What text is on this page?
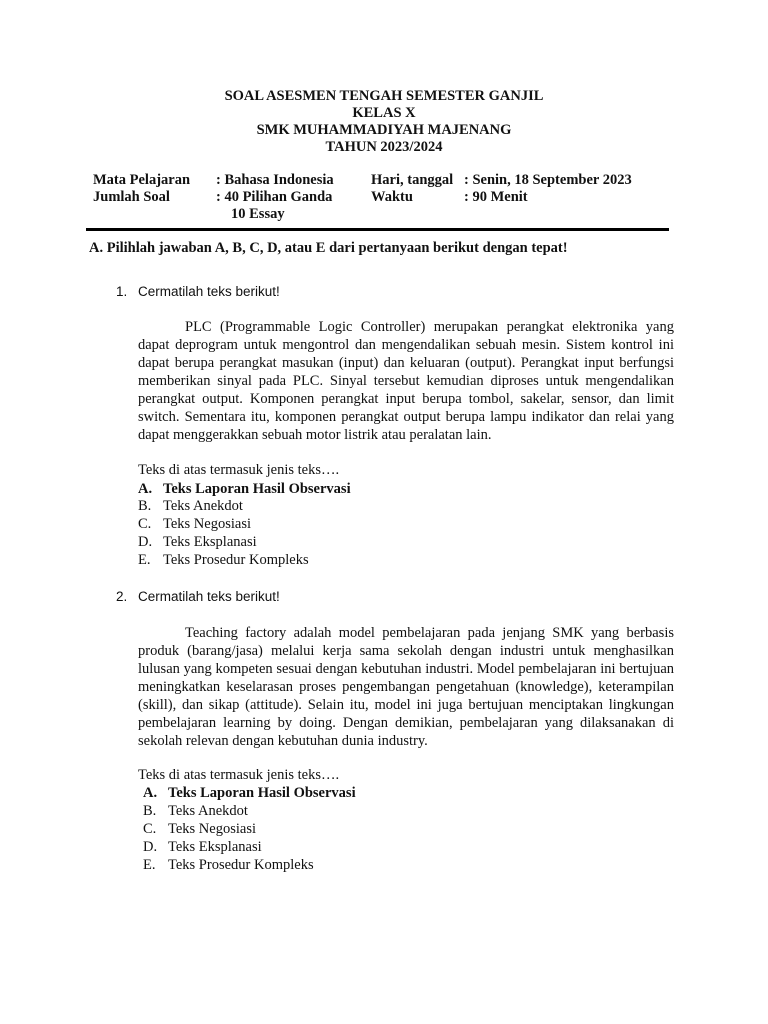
SOAL ASESMEN TENGAH SEMESTER GANJIL
KELAS X
SMK MUHAMMADIYAH MAJENANG
TAHUN 2023/2024
Mata Pelajaran : Bahasa Indonesia
Jumlah Soal	: 40 Pilihan Ganda
10 Essay
Hari, tanggal : Senin, 18 September 2023
Waktu	: 90 Menit
A. Pilihlah jawaban A, B, C, D, atau E dari pertanyaan berikut dengan tepat!
1. Cermatilah teks berikut!

PLC (Programmable Logic Controller) merupakan perangkat elektronika yang dapat deprogram untuk mengontrol dan mengendalikan sebuah mesin. Sistem kontrol ini dapat berupa perangkat masukan (input) dan keluaran (output). Perangkat input berfungsi memberikan sinyal pada PLC. Sinyal tersebut kemudian diproses untuk mengendalikan perangkat output. Komponen perangkat input berupa tombol, sakelar, sensor, dan limit switch. Sementara itu, komponen perangkat output berupa lampu indikator dan relai yang dapat menggerakkan sebuah motor listrik atau peralatan lain.

Teks di atas termasuk jenis teks….
A. Teks Laporan Hasil Observasi
B. Teks Anekdot
C. Teks Negosiasi
D. Teks Eksplanasi
E. Teks Prosedur Kompleks
2. Cermatilah teks berikut!

Teaching factory adalah model pembelajaran pada jenjang SMK yang berbasis produk (barang/jasa) melalui kerja sama sekolah dengan industri untuk menghasilkan lulusan yang kompeten sesuai dengan kebutuhan industri. Model pembelajaran ini bertujuan meningkatkan keselarasan proses pengembangan pengetahuan (knowledge), keterampilan (skill), dan sikap (attitude). Selain itu, model ini juga bertujuan menciptakan lingkungan pembelajaran learning by doing. Dengan demikian, pembelajaran yang dilaksanakan di sekolah relevan dengan kebutuhan dunia industry.

Teks di atas termasuk jenis teks….
A. Teks Laporan Hasil Observasi
B. Teks Anekdot
C. Teks Negosiasi
D. Teks Eksplanasi
E. Teks Prosedur Kompleks
